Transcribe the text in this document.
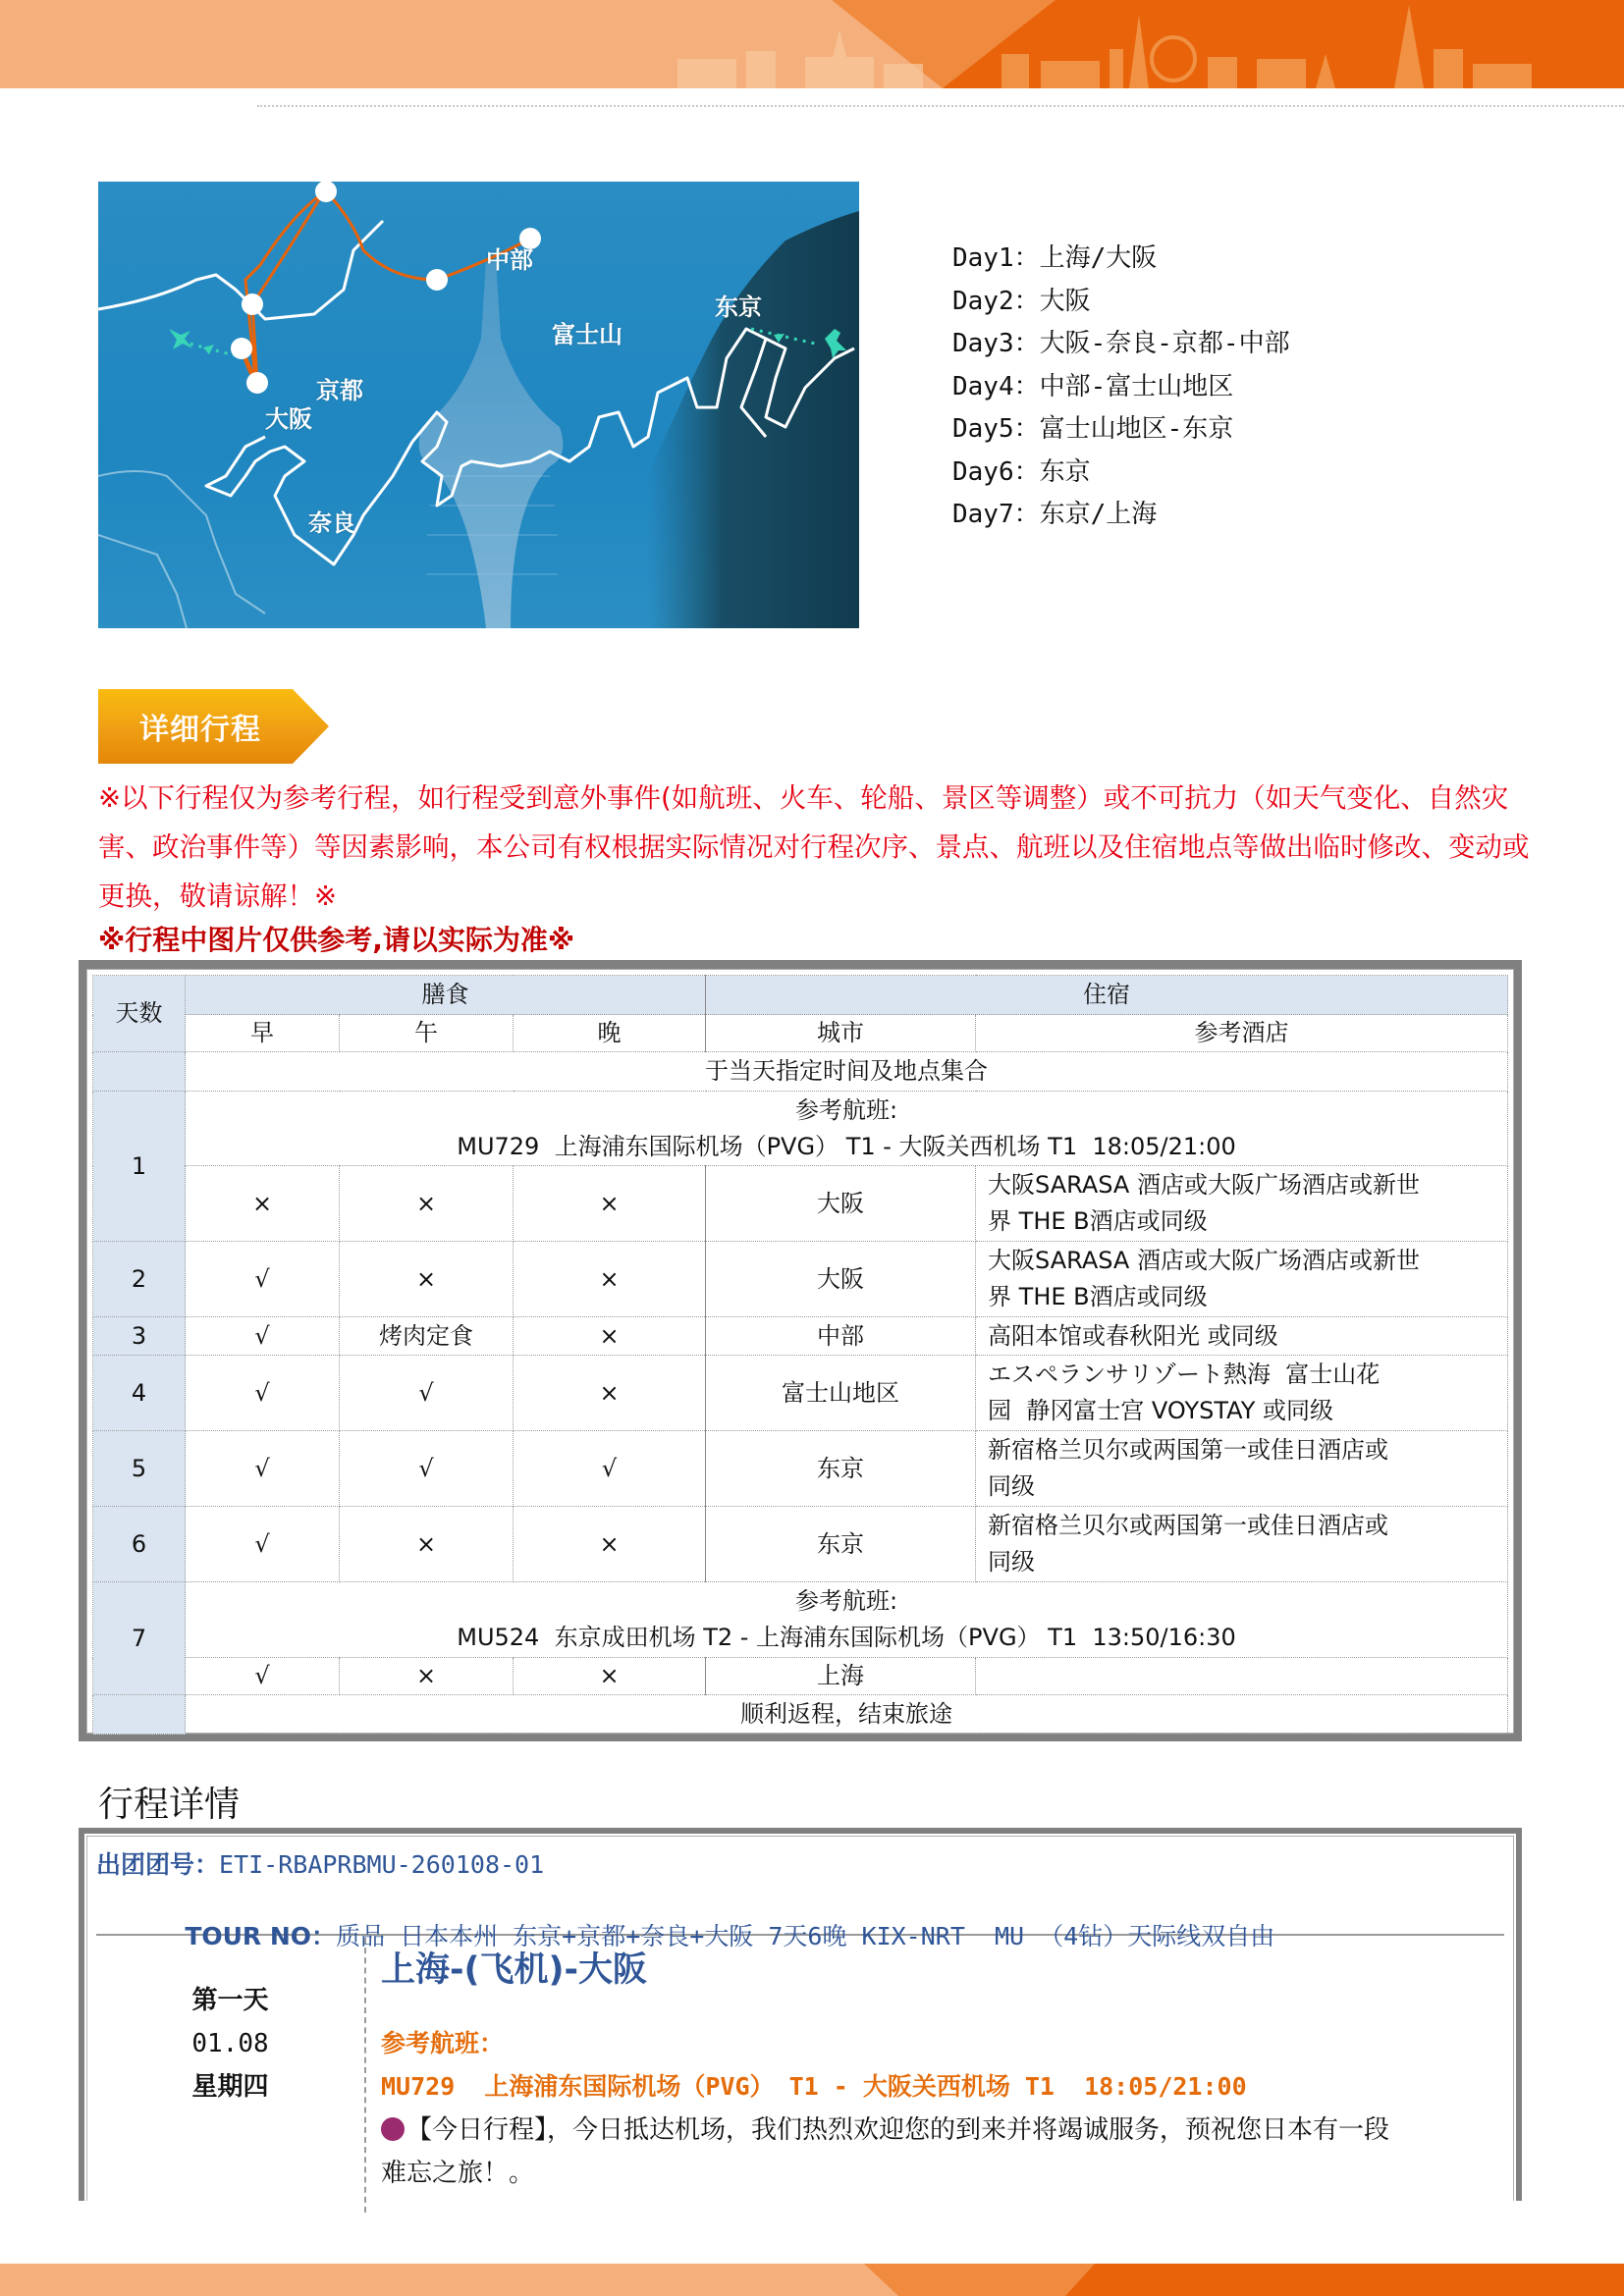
中部
东京
富士山
京都
大阪
奈良
Day1：上海/大阪
Day2：大阪
Day3：大阪-奈良-京都-中部
Day4：中部-富士山地区
Day5：富士山地区-东京
Day6：东京
Day7：东京/上海
详细行程
※以下行程仅为参考行程，如行程受到意外事件(如航班、火车、轮船、景区等调整）或不可抗力（如天气变化、自然灾害、政治事件等）等因素影响，本公司有权根据实际情况对行程次序、景点、航班以及住宿地点等做出临时修改、变动或更换，敬请谅解！※
※行程中图片仅供参考,请以实际为准※
天数	膳食			住宿	
	早	午	晚	城市	参考酒店
	于当天指定时间及地点集合				
1	参考航班:
MU729  上海浦东国际机场（PVG） T1 - 大阪关西机场 T1  18:05/21:00				

	×	×	×	大阪	大阪SARASA 酒店或大阪广场酒店或新世
界 THE B酒店或同级

2	√	×	×	大阪	大阪SARASA 酒店或大阪广场酒店或新世
界 THE B酒店或同级

3	√	烤肉定食	×	中部	高阳本馆或春秋阳光 或同级
4	√	√	×	富士山地区	エスペランサリゾート熱海  富士山花
园  静冈富士宫 VOYSTAY 或同级

5	√	√	√	东京	新宿格兰贝尔或两国第一或佳日酒店或
同级

6	√	×	×	东京	新宿格兰贝尔或两国第一或佳日酒店或
同级

7	参考航班:
MU524  东京成田机场 T2 - 上海浦东国际机场（PVG） T1  13:50/16:30				

	√	×	×	上海	
	顺利返程，结束旅途				
行程详情
出团团号：ETI-RBAPRBMU-260108-01

TOUR NO：质品 日本本州 东京+京都+奈良+大阪 7天6晚 KIX-NRT  MU （4钻）天际线双自由

第一天
01.08
星期四
上海-(飞机)-大阪
参考航班：
MU729  上海浦东国际机场（PVG） T1 - 大阪关西机场 T1  18:05/21:00
【今日行程】，今日抵达机场，我们热烈欢迎您的到来并将竭诚服务，预祝您日本有一段
难忘之旅！。
